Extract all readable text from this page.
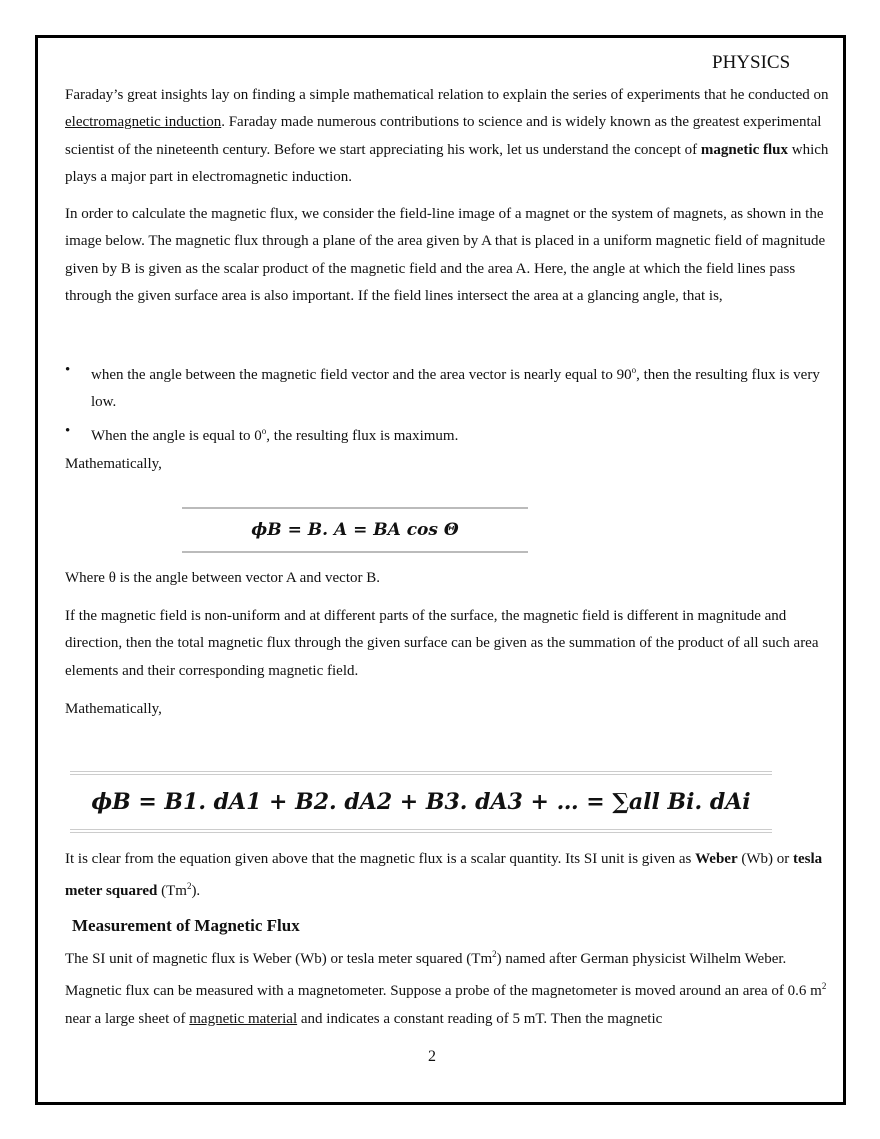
PHYSICS
Faraday’s great insights lay on finding a simple mathematical relation to explain the series of experiments that he conducted on electromagnetic induction. Faraday made numerous contributions to science and is widely known as the greatest experimental scientist of the nineteenth century. Before we start appreciating his work, let us understand the concept of magnetic flux which plays a major part in electromagnetic induction.
In order to calculate the magnetic flux, we consider the field-line image of a magnet or the system of magnets, as shown in the image below. The magnetic flux through a plane of the area given by A that is placed in a uniform magnetic field of magnitude given by B is given as the scalar product of the magnetic field and the area A. Here, the angle at which the field lines pass through the given surface area is also important. If the field lines intersect the area at a glancing angle, that is,
• when the angle between the magnetic field vector and the area vector is nearly equal to 90$^o$, then the resulting flux is very low.
• When the angle is equal to 0$^o$, the resulting flux is maximum.
Mathematically,
ϕB = B. A = BA cos Θ
Where θ is the angle between vector A and vector B.
If the magnetic field is non-uniform and at different parts of the surface, the magnetic field is different in magnitude and direction, then the total magnetic flux through the given surface can be given as the summation of the product of all such area elements and their corresponding magnetic field.
Mathematically,
ϕB = B1. dA1 + B2. dA2 + B3. dA3 + … = ∑all Bi. dAi
It is clear from the equation given above that the magnetic flux is a scalar quantity. Its SI unit is given as Weber (Wb) or tesla meter squared (Tm$^2$).
Measurement of Magnetic Flux
The SI unit of magnetic flux is Weber (Wb) or tesla meter squared (Tm$^2$) named after German physicist Wilhelm Weber. Magnetic flux can be measured with a magnetometer. Suppose a probe of the magnetometer is moved around an area of 0.6 $m^2$ near a large sheet of magnetic material and indicates a constant reading of 5 mT. Then the magnetic
2
